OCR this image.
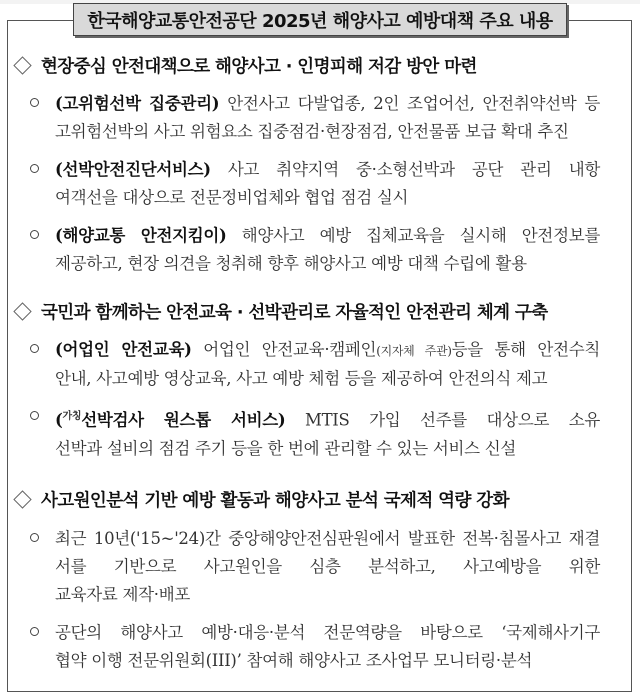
한국해양교통안전공단 2025년 해양사고 예방대책 주요 내용
현장중심 안전대책으로 해양사고 · 인명피해 저감 방안 마련
(고위험선박 집중관리) 안전사고 다발업종, 2인 조업어선, 안전취약선박 등
고위험선박의 사고 위험요소 집중점검·현장점검, 안전물품 보급 확대 추진
(선박안전진단서비스) 사고 취약지역 중·소형선박과 공단 관리 내항
여객선을 대상으로 전문정비업체와 협업 점검 실시
(해양교통 안전지킴이) 해양사고 예방 집체교육을 실시해 안전정보를
제공하고, 현장 의견을 청취해 향후 해양사고 예방 대책 수립에 활용
국민과 함께하는 안전교육 · 선박관리로 자율적인 안전관리 체계 구축
(어업인 안전교육) 어업인 안전교육·캠페인(지자체 주관)등을 통해 안전수칙
안내, 사고예방 영상교육, 사고 예방 체험 등을 제공하여 안전의식 제고
($^{가칭}$선박검사 원스톱 서비스) MTIS 가입 선주를 대상으로 소유
선박과 설비의 점검 주기 등을 한 번에 관리할 수 있는 서비스 신설
사고원인분석 기반 예방 활동과 해양사고 분석 국제적 역량 강화
최근 10년('15~'24)간 중앙해양안전심판원에서 발표한 전복·침몰사고 재결서를 기반으로 사고원인을 심층 분석하고, 사고예방을 위한
교육자료 제작·배포
공단의 해양사고 예방·대응·분석 전문역량을 바탕으로 ‘국제해사기구
협약 이행 전문위원회(III)’ 참여해 해양사고 조사업무 모니터링·분석
